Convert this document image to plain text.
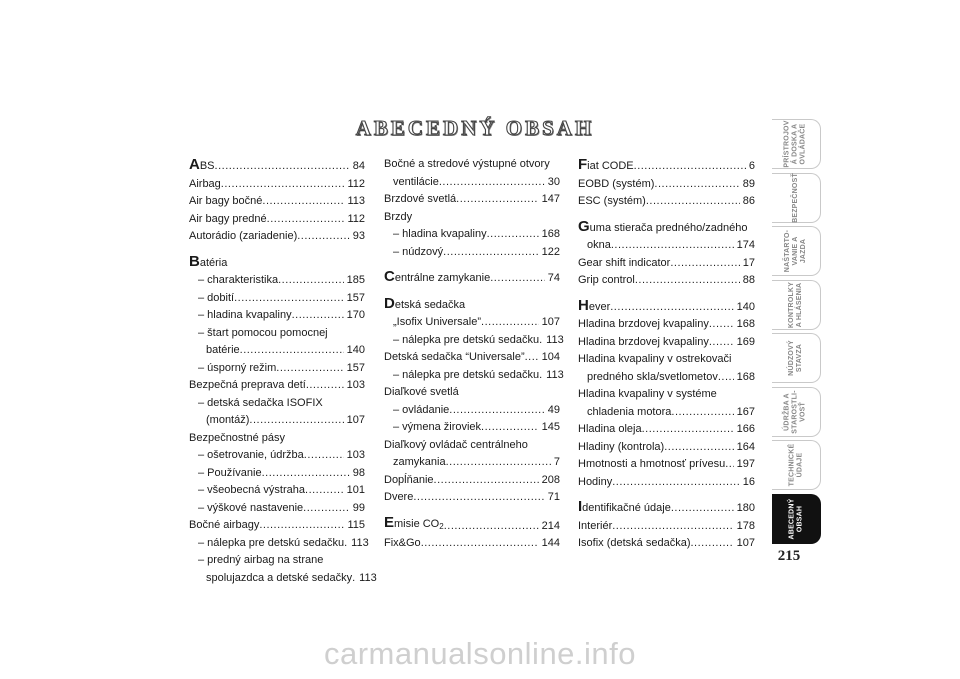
ABECEDNÝ OBSAH
ABS .....	84
Airbag .....	112
Air bagy bočné .....	113
Air bagy predné .....	112
Autorádio (zariadenie) .....	93
Batéria
– charakteristika .....	185
– dobití .....	157
– hladina kvapaliny .....	170
– štart pomocou pomocnej
batérie .....	140
– úsporný režim .....	157
Bezpečná preprava detí .....	103
– detská sedačka ISOFIX
(montáž) .....	107
Bezpečnostné pásy
– ošetrovanie, údržba .....	103
– Používanie .....	98
– všeobecná výstraha .....	101
– výškové nastavenie .....	99
Bočné airbagy .....	115
– nálepka pre detskú sedačku ..... 113
– predný airbag na strane
spolujazdca a detské sedačky ..... 113
Bočné a stredové výstupné otvory
ventilácie .....	30
Brzdové svetlá .....	147
Brzdy
– hladina kvapaliny .....	168
– núdzový .....	122
Centrálne zamykanie .....	74
Detská sedačka
„Isofix Universale” .....	107
– nálepka pre detskú sedačku ..... 113
Detská sedačka “Universale” ..... 104
– nálepka pre detskú sedačku ..... 113
Diaľkové svetlá
– ovládanie .....	49
– výmena žiroviek .....	145
Diaľkový ovládač centrálneho
zamykania .....	7
Dopĺňanie .....	208
Dvere .....	71
Emisie $CO_2$ .....	214
Fix&Go .....	144
Fiat CODE .....	6
EOBD (systém) .....	89
ESC (systém) .....	86
Guma stierača predného/zadného
okna .....	174
Gear shift indicator .....	17
Grip control .....	88
Hever .....	140
Hladina brzdovej kvapaliny .....	168
Hladina brzdovej kvapaliny .....	169
Hladina kvapaliny v ostrekovači
predného skla/svetlometov ..... 168
Hladina kvapaliny v systéme
chladenia motora .....	167
Hladina oleja .....	166
Hladiny (kontrola) .....	164
Hmotnosti a hmotnosť prívesu ..... 197
Hodiny .....	16
Identifikačné údaje .....	180
Interiér .....	178
Isofix (detská sedačka) .....	107
PRÍSTROJOV Á DOSKA A OVLÁDAČE
BEZPEČNOSŤ
NAŠTARTO- VANIE A JAZDA
KONTROLKY A HLÁSENIA
NÚDZOVÝ STAVZA
ÚDRŽBA A STAROSTLI- VOSŤ
TECHNICKÉ ÚDAJE
ABECEDNÝ OBSAH
215
carmanualsonline.info
